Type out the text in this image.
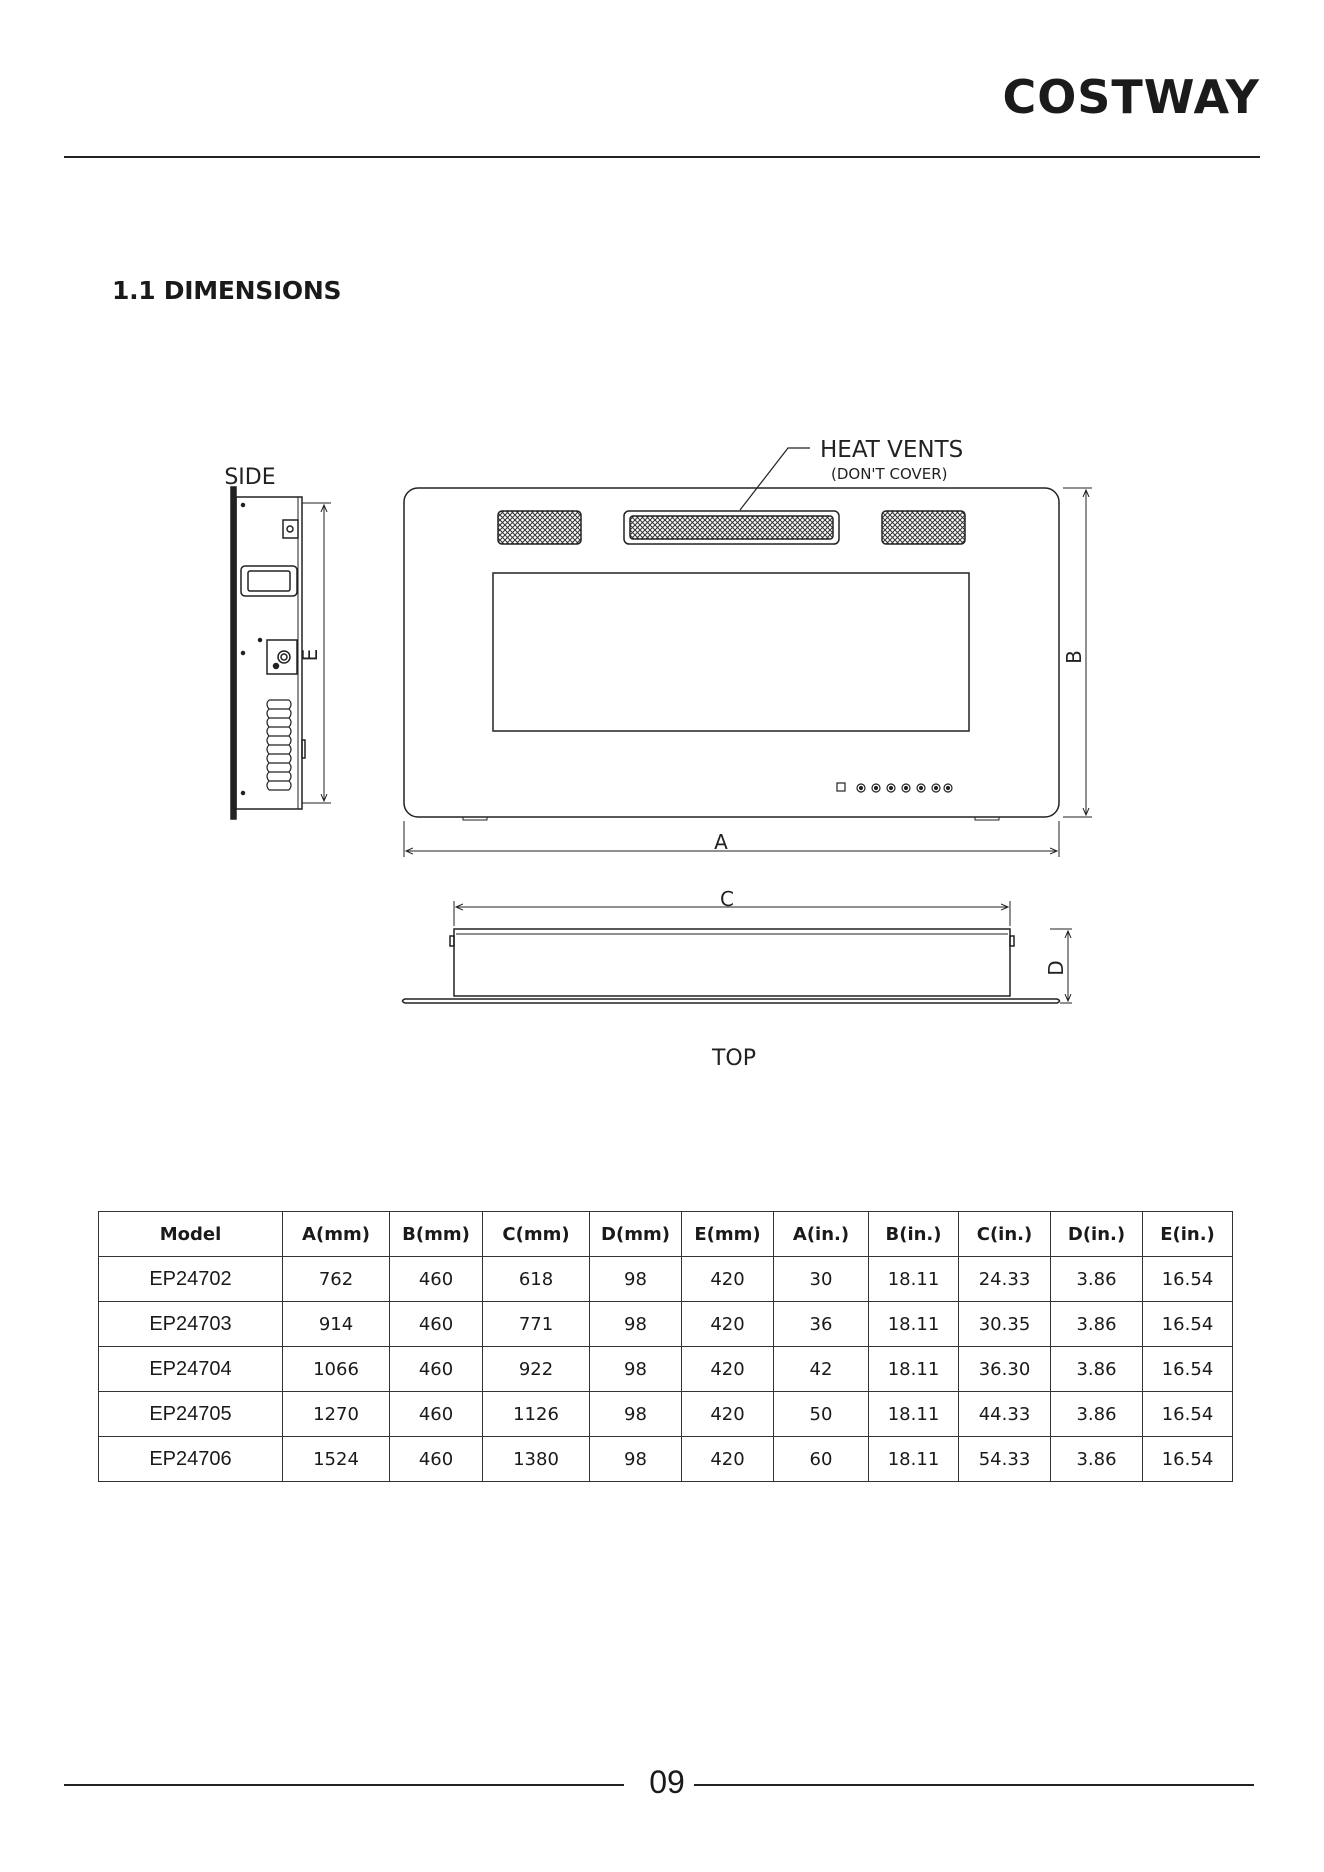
COSTWAY
1.1 DIMENSIONS
SIDE
E
HEAT VENTS
(DON'T COVER)
A
B
C
D
TOP
Model	A(mm)	B(mm)	C(mm)	D(mm)	E(mm)	A(in.)	B(in.)	C(in.)	D(in.)	E(in.)
EP24702	762	460	618	98	420	30	18.11	24.33	3.86	16.54
EP24703	914	460	771	98	420	36	18.11	30.35	3.86	16.54
EP24704	1066	460	922	98	420	42	18.11	36.30	3.86	16.54
EP24705	1270	460	1126	98	420	50	18.11	44.33	3.86	16.54
EP24706	1524	460	1380	98	420	60	18.11	54.33	3.86	16.54
09
